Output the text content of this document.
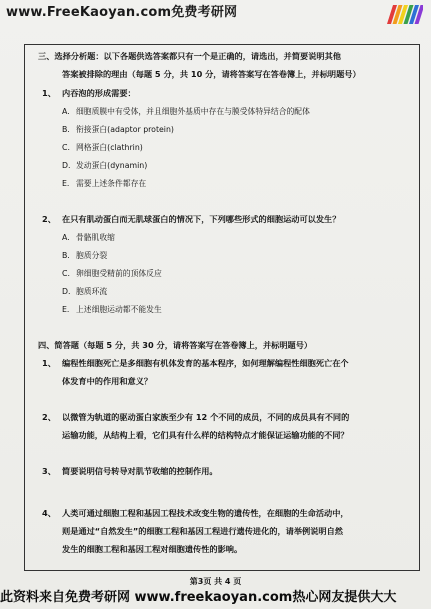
www.FreeKaoyan.com免费考研网
三、选择分析题：以下各题供选答案都只有一个是正确的，请选出，并简要说明其他
答案被排除的理由（每题 5 分，共 10 分，请将答案写在答卷簿上，并标明题号）
1、 内吞泡的形成需要：
A. 细胞质膜中有受体，并且细胞外基质中存在与膜受体特异结合的配体
B. 衔接蛋白(adaptor protein)
C. 网格蛋白(clathrin)
D. 发动蛋白(dynamin)
E. 需要上述条件都存在
2、 在只有肌动蛋白而无肌球蛋白的情况下，下列哪些形式的细胞运动可以发生？
A. 骨骼肌收缩
B. 胞质分裂
C. 卵细胞受精前的顶体反应
D. 胞质环流
E. 上述细胞运动都不能发生
四、简答题（每题 5 分，共 30 分，请将答案写在答卷簿上，并标明题号）
1、 编程性细胞死亡是多细胞有机体发育的基本程序，如何理解编程性细胞死亡在个
体发育中的作用和意义？
2、 以微管为轨道的驱动蛋白家族至少有 12 个不同的成员，不同的成员具有不同的
运输功能，从结构上看，它们具有什么样的结构特点才能保证运输功能的不同？
3、 简要说明信号转导对肌节收缩的控制作用。
4、 人类可通过细胞工程和基因工程技术改变生物的遗传性，在细胞的生命活动中，
则是通过“自然发生”的细胞工程和基因工程进行遗传进化的，请举例说明自然
发生的细胞工程和基因工程对细胞遗传性的影响。
第3页 共 4 页
此资料来自免费考研网 www.freekaoyan.com热心网友提供大大
